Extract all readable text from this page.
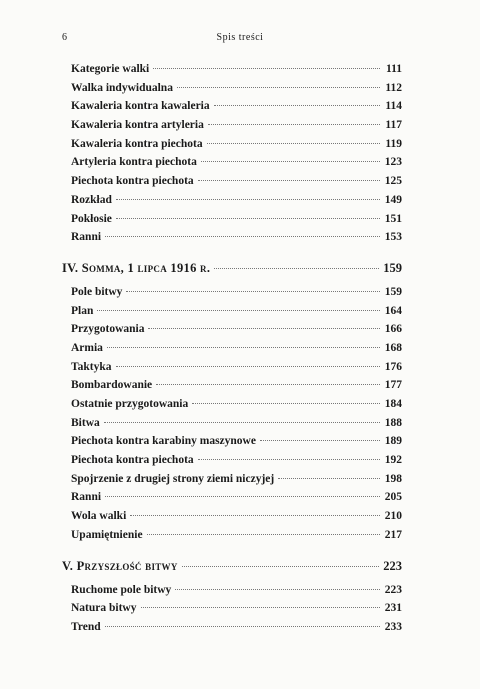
6	Spis treści
Kategorie walki	111
Walka indywidualna	112
Kawaleria kontra kawaleria	114
Kawaleria kontra artyleria	117
Kawaleria kontra piechota	119
Artyleria kontra piechota	123
Piechota kontra piechota	125
Rozkład	149
Pokłosie	151
Ranni	153
IV. Somma, 1 lipca 1916 r.	159
Pole bitwy	159
Plan	164
Przygotowania	166
Armia	168
Taktyka	176
Bombardowanie	177
Ostatnie przygotowania	184
Bitwa	188
Piechota kontra karabiny maszynowe	189
Piechota kontra piechota	192
Spojrzenie z drugiej strony ziemi niczyjej	198
Ranni	205
Wola walki	210
Upamiętnienie	217
V. Przyszłość bitwy	223
Ruchome pole bitwy	223
Natura bitwy	231
Trend	233
